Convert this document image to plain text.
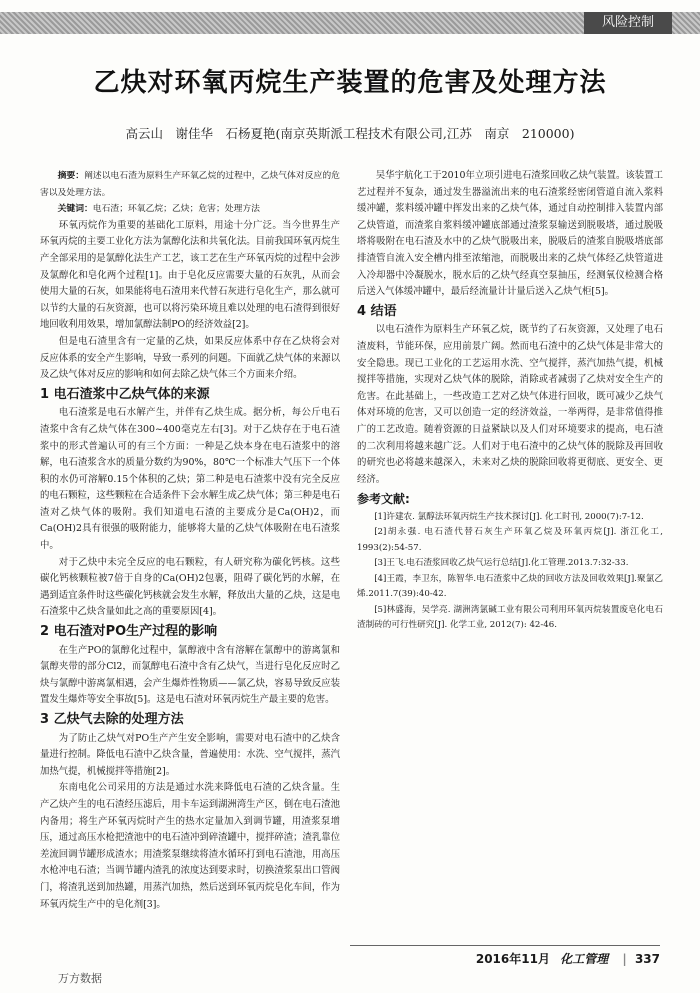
风险控制
乙炔对环氧丙烷生产装置的危害及处理方法
高云山　谢佳华　石杨夏艳(南京英斯派工程技术有限公司,江苏　南京　210000)

摘要：阐述以电石渣为原料生产环氧乙烷的过程中，乙炔气体对反应的危害以及处理方法。

关键词：电石渣；环氧乙烷；乙炔；危害；处理方法

环氧丙烷作为重要的基础化工原料，用途十分广泛。当今世界生产环氧丙烷的主要工业化方法为氯醇化法和共氧化法。目前我国环氧丙烷生产全部采用的是氯醇化法生产工艺，该工艺在生产环氧丙烷的过程中会涉及氯醇化和皂化两个过程[1]。由于皂化反应需要大量的石灰乳，从而会使用大量的石灰，如果能将电石渣用来代替石灰进行皂化生产，那么就可以节约大量的石灰资源，也可以将污染环境且难以处理的电石渣得到很好地回收利用效果，增加氯醇法制PO的经济效益[2]。

但是电石渣里含有一定量的乙炔，如果反应体系中存在乙炔将会对反应体系的安全产生影响，导致一系列的问题。下面就乙炔气体的来源以及乙炔气体对反应的影响和如何去除乙炔气体三个方面来介绍。

1 电石渣浆中乙炔气体的来源

电石渣浆是电石水解产生，并伴有乙炔生成。据分析，每公斤电石渣浆中含有乙炔气体在300~400毫克左右[3]。对于乙炔存在于电石渣浆中的形式普遍认可的有三个方面：一种是乙炔本身在电石渣浆中的溶解，电石渣浆含水的质量分数约为90%，80℃一个标准大气压下一个体积的水仍可溶解0.15个体积的乙炔；第二种是电石渣浆中没有完全反应的电石颗粒，这些颗粒在合适条件下会水解生成乙炔气体；第三种是电石渣对乙炔气体的吸附。我们知道电石渣的主要成分是Ca(OH)2，而Ca(OH)2具有很强的吸附能力，能够将大量的乙炔气体吸附在电石渣浆中。

对于乙炔中未完全反应的电石颗粒，有人研究称为碳化钙核。这些碳化钙核颗粒被7倍于自身的Ca(OH)2包裹，阻碍了碳化钙的水解，在遇到适宜条件时这些碳化钙核就会发生水解，释放出大量的乙炔，这是电石渣浆中乙炔含量如此之高的重要原因[4]。

2 电石渣对PO生产过程的影响

在生产PO的氯醇化过程中，氯醇液中含有溶解在氯醇中的游离氯和氯醇夹带的部分Cl2，而氯醇电石渣中含有乙炔气，当进行皂化反应时乙炔与氯醇中游离氯相遇，会产生爆炸性物质——氯乙炔，容易导致反应装置发生爆炸等安全事故[5]。这是电石渣对环氧丙烷生产最主要的危害。

3 乙炔气去除的处理方法

为了防止乙炔气对PO生产产生安全影响，需要对电石渣中的乙炔含量进行控制。降低电石渣中乙炔含量，普遍使用：水洗、空气搅拌，蒸汽加热气提，机械搅拌等措施[2]。

东南电化公司采用的方法是通过水洗来降低电石渣的乙炔含量。生产乙炔产生的电石渣经压滤后，用卡车运到湖洲湾生产区，倒在电石渣池内备用；将生产环氧丙烷时产生的热水定量加入到调节罐，用渣浆泵增压，通过高压水枪把渣池中的电石渣冲到碎渣罐中，搅拌碎渣；渣乳靠位差流回调节罐形成渣水；用渣浆泵继续将渣水循环打到电石渣池，用高压水枪冲电石渣；当调节罐内渣乳的浓度达到要求时，切换渣浆泵出口管阀门，将渣乳送到加热罐，用蒸汽加热，然后送到环氧丙烷皂化车间，作为环氧丙烷生产中的皂化剂[3]。

吴华宇航化工于2010年立项引进电石渣浆回收乙炔气装置。该装置工艺过程并不复杂，通过发生器溢流出来的电石渣浆经密闭管道自流入浆料缓冲罐，浆料缓冲罐中挥发出来的乙炔气体，通过自动控制排入装置内部乙炔管道，而渣浆自浆料缓冲罐底部通过渣浆泵输送到脱吸塔，通过脱吸塔将吸附在电石渣及水中的乙炔气脱吸出来，脱吸后的渣浆自脱吸塔底部排渣管自流入安全槽内排至浓缩池，而脱吸出来的乙炔气体经乙炔管道进入冷却器中冷凝脱水，脱水后的乙炔气经真空泵抽压，经测氧仪检测合格后送入气体缓冲罐中，最后经流量计计量后送入乙炔气柜[5]。

4 结语

以电石渣作为原料生产环氧乙烷，既节约了石灰资源，又处理了电石渣废料，节能环保，应用前景广阔。然而电石渣中的乙炔气体是非常大的安全隐患。现已工业化的工艺运用水洗、空气搅拌，蒸汽加热气提，机械搅拌等措施，实现对乙炔气体的脱除，消除或者减弱了乙炔对安全生产的危害。在此基础上，一些改造工艺对乙炔气体进行回收，既可减少乙炔气体对环境的危害，又可以创造一定的经济效益，一举两得，是非常值得推广的工艺改造。随着资源的日益紧缺以及人们对环境要求的提高，电石渣的二次利用将越来越广泛。人们对于电石渣中的乙炔气体的脱除及再回收的研究也必将越来越深入，未来对乙炔的脱除回收将更彻底、更安全、更经济。

参考文献:

[1]许建农. 氯醇法环氧丙烷生产技术探讨[J]. 化工时刊, 2000(7):7-12.

[2]胡永强. 电石渣代替石灰生产环氧乙烷及环氧丙烷[J]. 浙江化工, 1993(2):54-57.

[3]王飞.电石渣浆回收乙炔气运行总结[J].化工管理.2013.7:32-33.

[4]王霞，李卫东，陈智华.电石渣浆中乙炔的回收方法及回收效果[J].聚氯乙烯.2011.7(39):40-42.

[5]林盛海，吴学亮. 湖洲湾氯碱工业有限公司利用环氧丙烷装置废皂化电石渣制砖的可行性研究[J]. 化学工业, 2012(7): 42-46.

2016年11月 化工管理 | 337
万方数据
